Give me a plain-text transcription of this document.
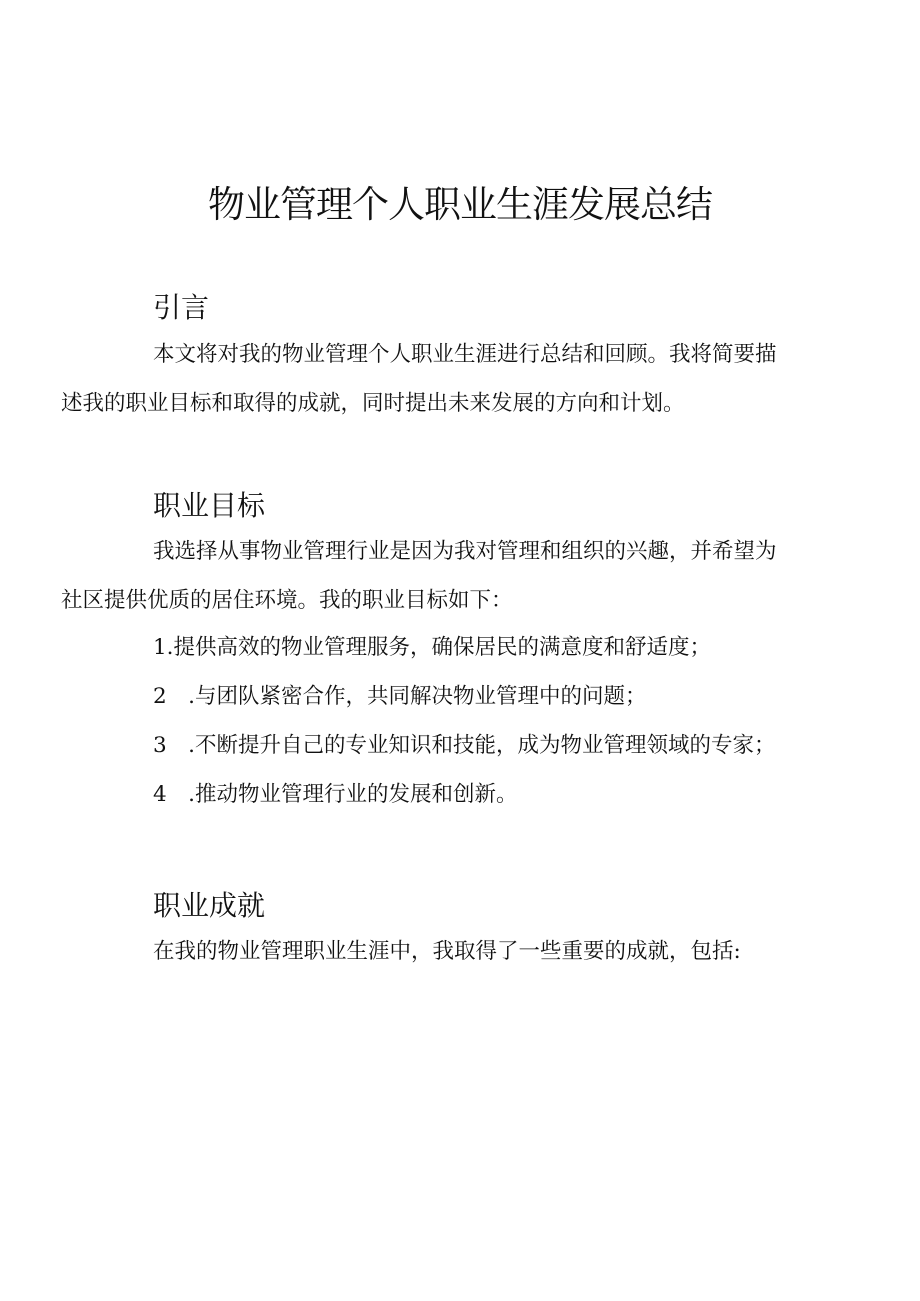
物业管理个人职业生涯发展总结
引言

本文将对我的物业管理个人职业生涯进行总结和回顾。我将简要描
述我的职业目标和取得的成就，同时提出未来发展的方向和计划。

职业目标

我选择从事物业管理行业是因为我对管理和组织的兴趣，并希望为
社区提供优质的居住环境。我的职业目标如下：

1.提供高效的物业管理服务，确保居民的满意度和舒适度；
2　.与团队紧密合作，共同解决物业管理中的问题；
3　.不断提升自己的专业知识和技能，成为物业管理领域的专家；
4　.推动物业管理行业的发展和创新。
职业成就

在我的物业管理职业生涯中，我取得了一些重要的成就，包括:
